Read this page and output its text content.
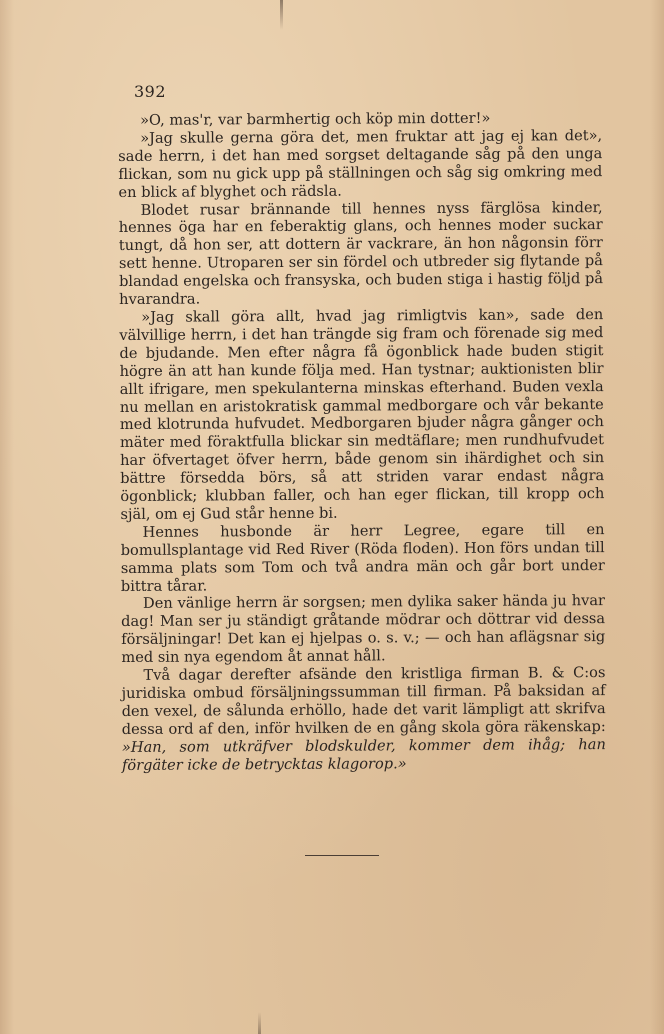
392

»O, mas'r, var barmhertig och köp min dotter!»

»Jag skulle gerna göra det, men fruktar att jag ej kan det», sade herrn, i det han med sorgset deltagande såg på den unga flickan, som nu gick upp på ställningen och såg sig omkring med en blick af blyghet och rädsla.

Blodet rusar brännande till hennes nyss färglösa kinder, hennes öga har en feberaktig glans, och hennes moder suckar tungt, då hon ser, att dottern är vackrare, än hon någonsin förr sett henne. Utroparen ser sin fördel och utbreder sig flytande på blandad engelska och fransyska, och buden stiga i hastig följd på hvarandra.

»Jag skall göra allt, hvad jag rimligtvis kan», sade den välvillige herrn, i det han trängde sig fram och förenade sig med de bjudande. Men efter några få ögonblick hade buden stigit högre än att han kunde följa med. Han tystnar; auktionisten blir allt ifrigare, men spekulanterna minskas efterhand. Buden vexla nu mellan en aristokratisk gammal medborgare och vår bekante med klotrunda hufvudet. Medborgaren bjuder några gånger och mäter med föraktfulla blickar sin medtäflare; men rundhufvudet har öfvertaget öfver herrn, både genom sin ihärdighet och sin bättre försedda börs, så att striden varar endast några ögonblick; klubban faller, och han eger flickan, till kropp och själ, om ej Gud står henne bi.

Hennes husbonde är herr Legree, egare till en bomullsplantage vid Red River (Röda floden). Hon förs undan till samma plats som Tom och två andra män och går bort under bittra tårar.

Den vänlige herrn är sorgsen; men dylika saker hända ju hvar dag! Man ser ju ständigt gråtande mödrar och döttrar vid dessa försäljningar! Det kan ej hjelpas o. s. v.; — och han aflägsnar sig med sin nya egendom åt annat håll.

Två dagar derefter afsände den kristliga firman B. & C:os juridiska ombud försäljningssumman till firman. På baksidan af den vexel, de sålunda erhöllo, hade det varit lämpligt att skrifva dessa ord af den, inför hvilken de en gång skola göra räkenskap: »Han, som utkräfver blodskulder, kommer dem ihåg; han förgäter icke de betrycktas klagorop.»
